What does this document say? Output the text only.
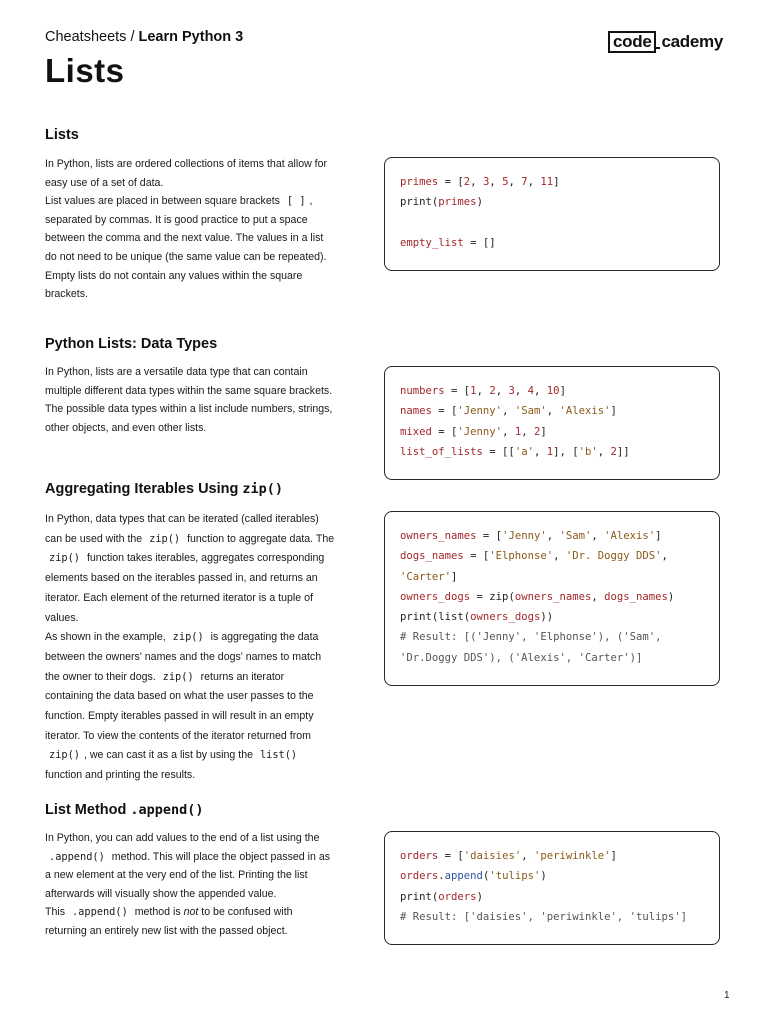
Cheatsheets / Learn Python 3	code cademy
Lists
Lists

In Python, lists are ordered collections of items that allow for easy use of a set of data.

List values are placed in between square brackets [ ] , separated by commas. It is good practice to put a space between the comma and the next value. The values in a list do not need to be unique (the same value can be repeated).

Empty lists do not contain any values within the square brackets.

primes = [2, 3, 5, 7, 11]
print(primes)
empty_list = []
Python Lists: Data Types

In Python, lists are a versatile data type that can contain multiple different data types within the same square brackets. The possible data types within a list include numbers, strings, other objects, and even other lists.

numbers = [1, 2, 3, 4, 10]
names = ['Jenny', 'Sam', 'Alexis']
mixed = ['Jenny', 1, 2]
list_of_lists = [['a', 1], ['b', 2]]
Aggregating Iterables Using zip()

In Python, data types that can be iterated (called iterables) can be used with the zip() function to aggregate data. The zip() function takes iterables, aggregates corresponding elements based on the iterables passed in, and returns an iterator. Each element of the returned iterator is a tuple of values.

As shown in the example, zip() is aggregating the data between the owners' names and the dogs' names to match the owner to their dogs. zip() returns an iterator containing the data based on what the user passes to the function. Empty iterables passed in will result in an empty iterator. To view the contents of the iterator returned from zip() , we can cast it as a list by using the list() function and printing the results.

owners_names = ['Jenny', 'Sam', 'Alexis']
dogs_names = ['Elphonse', 'Dr. Doggy DDS',
'Carter']
owners_dogs = zip(owners_names, dogs_names)
print(list(owners_dogs))
# Result: [('Jenny', 'Elphonse'), ('Sam',
'Dr.Doggy DDS'), ('Alexis', 'Carter')]
List Method .append()

In Python, you can add values to the end of a list using the .append() method. This will place the object passed in as a new element at the very end of the list. Printing the list afterwards will visually show the appended value.

This .append() method is not to be confused with returning an entirely new list with the passed object.

orders = ['daisies', 'periwinkle']
orders.append('tulips')
print(orders)
# Result: ['daisies', 'periwinkle', 'tulips']
1
